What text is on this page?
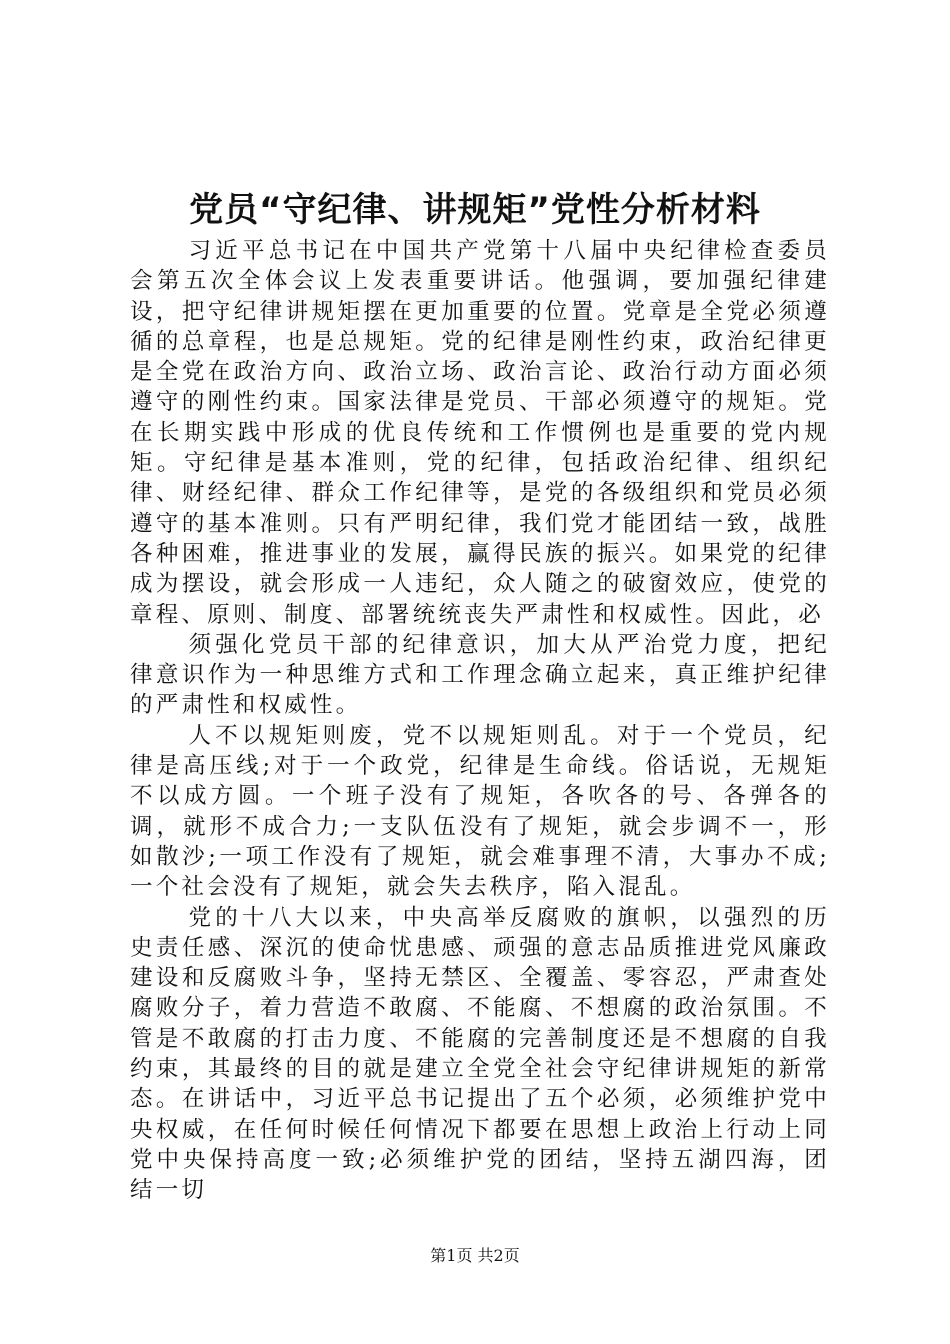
党员“守纪律、讲规矩”党性分析材料

习近平总书记在中国共产党第十八届中央纪律检查委员会第五次全体会议上发表重要讲话。他强调，要加强纪律建设，把守纪律讲规矩摆在更加重要的位置。党章是全党必须遵循的总章程，也是总规矩。党的纪律是刚性约束，政治纪律更是全党在政治方向、政治立场、政治言论、政治行动方面必须遵守的刚性约束。国家法律是党员、干部必须遵守的规矩。党在长期实践中形成的优良传统和工作惯例也是重要的党内规矩。守纪律是基本准则，党的纪律，包括政治纪律、组织纪律、财经纪律、群众工作纪律等，是党的各级组织和党员必须遵守的基本准则。只有严明纪律，我们党才能团结一致，战胜各种困难，推进事业的发展，赢得民族的振兴。如果党的纪律成为摆设，就会形成一人违纪，众人随之的破窗效应，使党的章程、原则、制度、部署统统丧失严肃性和权威性。因此，必

须强化党员干部的纪律意识，加大从严治党力度，把纪律意识作为一种思维方式和工作理念确立起来，真正维护纪律的严肃性和权威性。

人不以规矩则废，党不以规矩则乱。对于一个党员，纪律是高压线;对于一个政党，纪律是生命线。俗话说，无规矩不以成方圆。一个班子没有了规矩，各吹各的号、各弹各的调，就形不成合力;一支队伍没有了规矩，就会步调不一，形如散沙;一项工作没有了规矩，就会难事理不清，大事办不成;一个社会没有了规矩，就会失去秩序，陷入混乱。

党的十八大以来，中央高举反腐败的旗帜，以强烈的历史责任感、深沉的使命忧患感、顽强的意志品质推进党风廉政建设和反腐败斗争，坚持无禁区、全覆盖、零容忍，严肃查处腐败分子，着力营造不敢腐、不能腐、不想腐的政治氛围。不管是不敢腐的打击力度、不能腐的完善制度还是不想腐的自我约束，其最终的目的就是建立全党全社会守纪律讲规矩的新常态。在讲话中，习近平总书记提出了五个必须，必须维护党中央权威，在任何时候任何情况下都要在思想上政治上行动上同党中央保持高度一致;必须维护党的团结，坚持五湖四海，团结一切

第1页 共2页
